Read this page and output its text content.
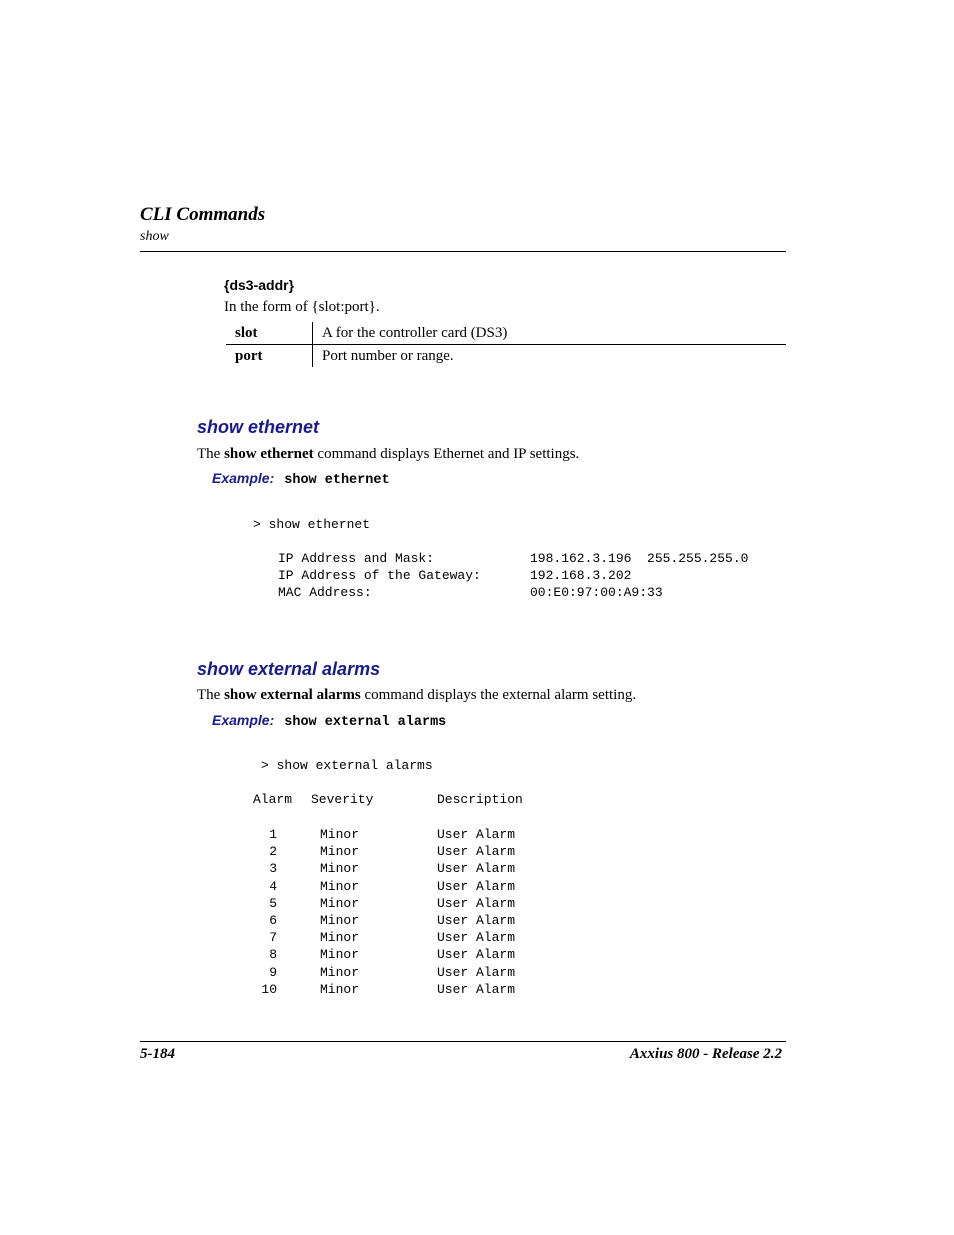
CLI Commands
show
{ds3-addr}
In the form of {slot:port}.
slot	A for the controller card (DS3)
port	Port number or range.
show ethernet
The show ethernet command displays Ethernet and IP settings.
Example: show ethernet
> show ethernet
IP Address and Mask:	198.162.3.196  255.255.255.0
IP Address of the Gateway:	192.168.3.202
MAC Address:	00:E0:97:00:A9:33
show external alarms
The show external alarms command displays the external alarm setting.
Example: show external alarms
> show external alarms
Alarm Severity	Description
1	Minor	User Alarm
2	Minor	User Alarm
3	Minor	User Alarm
4	Minor	User Alarm
5	Minor	User Alarm
6	Minor	User Alarm
7	Minor	User Alarm
8	Minor	User Alarm
9	Minor	User Alarm
10	Minor	User Alarm
5-184	Axxius 800 - Release 2.2
